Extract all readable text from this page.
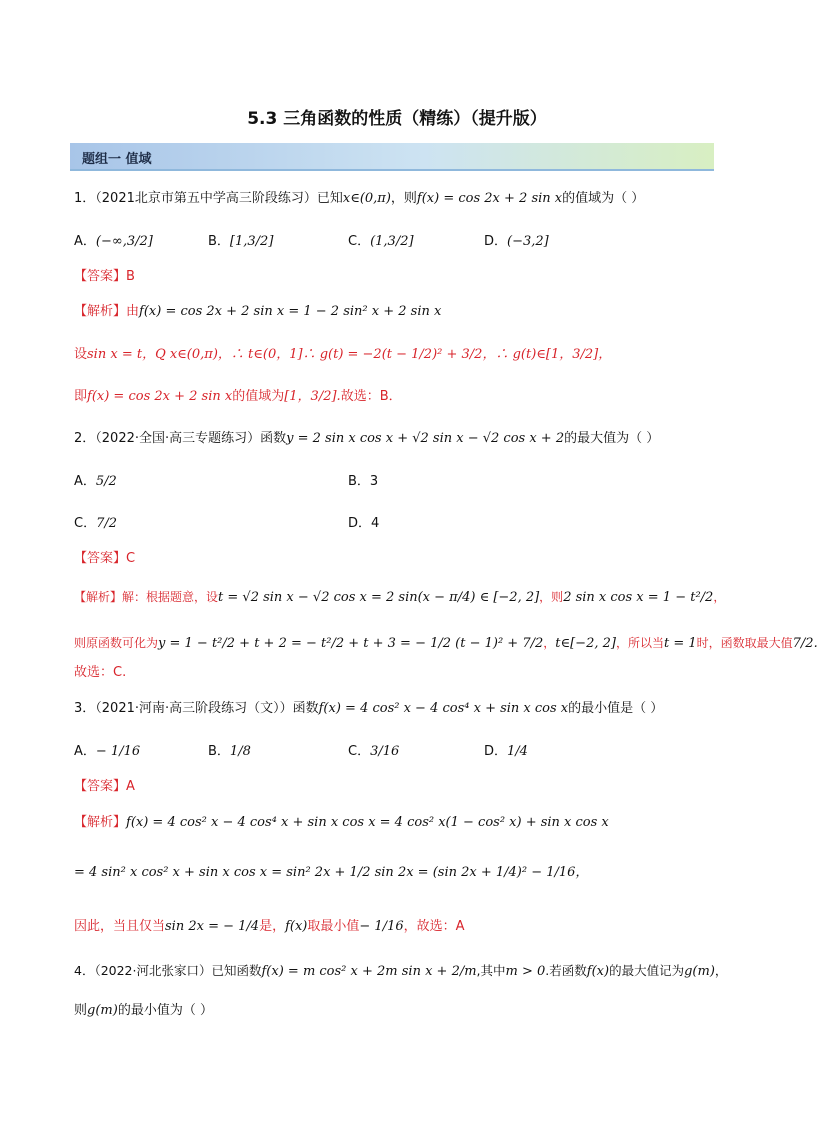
5.3 三角函数的性质（精练）（提升版）
题组一 值域
1．（2021北京市第五中学高三阶段练习）已知x∈(0,π)，则f(x) = cos 2x + 2 sin x的值域为（ ）
A．(−∞,3/2]	B．[1,3/2]	C．(1,3/2]	D．(−3,2]
【答案】B
【解析】由f(x) = cos 2x + 2 sin x = 1 − 2 sin² x + 2 sin x
设sin x = t，Q x∈(0,π)，∴ t∈(0，1]∴ g(t) = −2(t − 1/2)² + 3/2，∴ g(t)∈[1，3/2]，
即f(x) = cos 2x + 2 sin x的值域为[1，3/2].故选：B．
2．（2022·全国·高三专题练习）函数y = 2 sin x cos x + √2 sin x − √2 cos x + 2的最大值为（ ）
A．5/2	B．3
C．7/2	D．4
【答案】C
【解析】解：根据题意，设t = √2 sin x − √2 cos x = 2 sin(x − π/4) ∈ [−2, 2]，则2 sin x cos x = 1 − t²/2，
则原函数可化为y = 1 − t²/2 + t + 2 = − t²/2 + t + 3 = − 1/2 (t − 1)² + 7/2，t∈[−2, 2]，所以当t = 1时，函数取最大值7/2.
故选：C.
3．（2021·河南·高三阶段练习（文））函数f(x) = 4 cos² x − 4 cos⁴ x + sin x cos x的最小值是（ ）
A．− 1/16	B．1/8	C．3/16	D．1/4
【答案】A
【解析】f(x) = 4 cos² x − 4 cos⁴ x + sin x cos x = 4 cos² x(1 − cos² x) + sin x cos x
= 4 sin² x cos² x + sin x cos x = sin² 2x + 1/2 sin 2x = (sin 2x + 1/4)² − 1/16，
因此，当且仅当sin 2x = − 1/4是，f(x)取最小值− 1/16，故选：A
4．（2022·河北张家口）已知函数f(x) = m cos² x + 2m sin x + 2/m,其中m > 0.若函数f(x)的最大值记为g(m)，
则g(m)的最小值为（ ）
